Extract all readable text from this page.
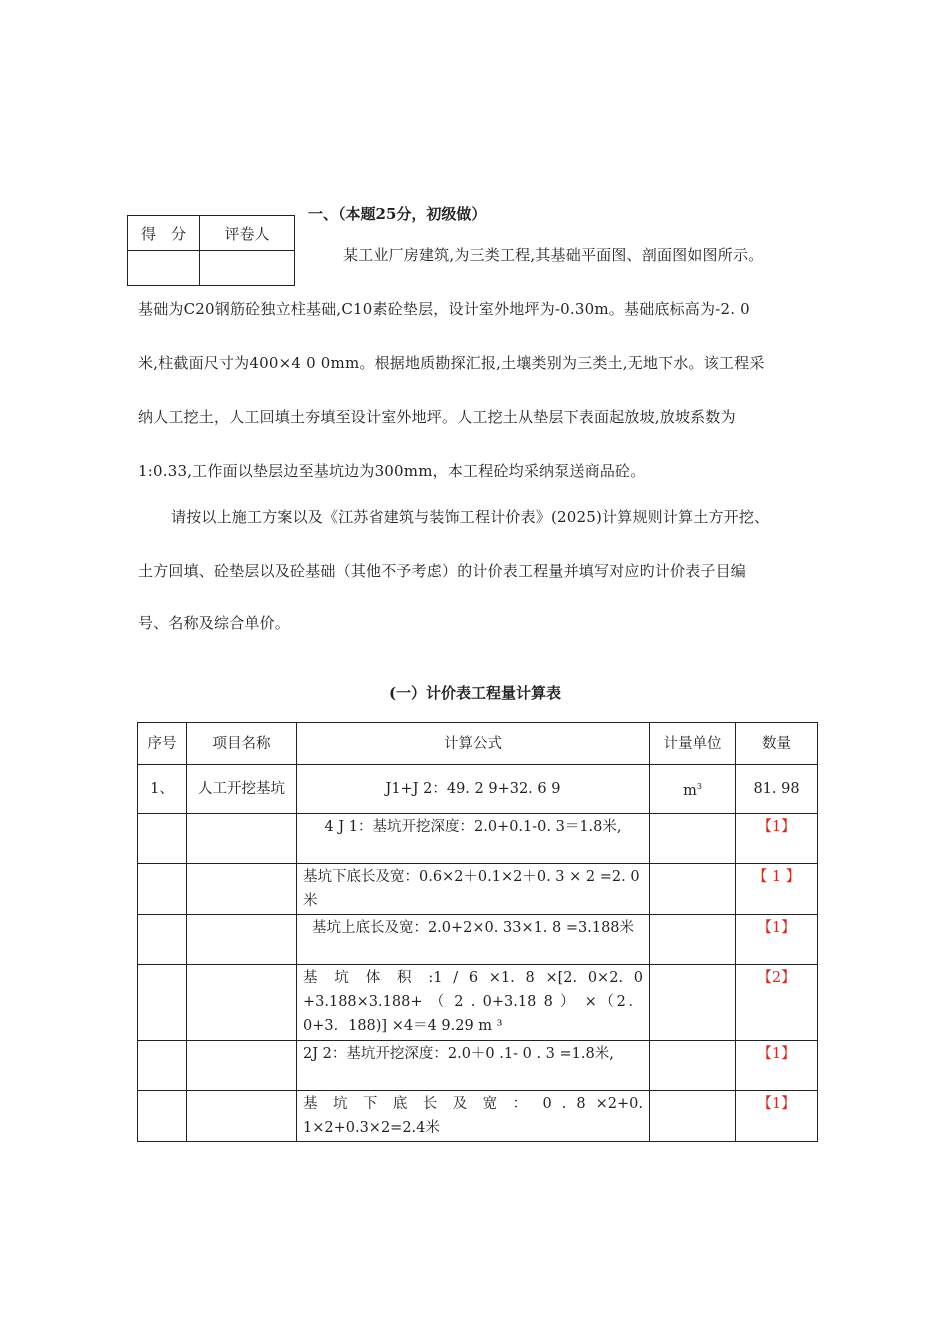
得　分	评卷人

一、（本题25分，初级做）
某工业厂房建筑,为三类工程,其基础平面图、剖面图如图所示。
基础为C20钢筋砼独立柱基础,C10素砼垫层，设计室外地坪为-0.30m。基础底标高为-2. 0
米,柱截面尺寸为400×4 0 0mm。根据地质勘探汇报,土壤类别为三类土,无地下水。该工程采
纳人工挖土，人工回填土夯填至设计室外地坪。人工挖土从垫层下表面起放坡,放坡系数为
1:0.33,工作面以垫层边至基坑边为300mm，本工程砼均采纳泵送商品砼。
请按以上施工方案以及《江苏省建筑与装饰工程计价表》(2025)计算规则计算土方开挖、
土方回填、砼垫层以及砼基础（其他不予考虑）的计价表工程量并填写对应旳计价表子目编
号、名称及综合单价。
(一）计价表工程量计算表
序号	项目名称	计算公式	计量单位	数量
1、	人工开挖基坑	J1+J 2：49. 2 9+32. 6 9	$m^3$	81. 98
		4 J 1：基坑开挖深度：2.0+0.1-0. 3＝1.8米,		【1】
		基坑下底长及宽：0.6×2＋0.1×2＋0. 3 × 2 =2. 0米		【 1 】
		基坑上底长及宽：2.0+2×0. 33×1. 8 =3.188米		【1】
		基 坑 体 积 :1 / 6 ×1. 8 ×[2. 0×2. 0 +3.188×3.188+ （ 2 . 0+3.18 8 ） ×（2．0+3．188)] ×4＝4 9.29 m ³		【2】
		2J 2：基坑开挖深度：2.0＋0 .1- 0 . 3 =1.8米,		【1】
		基 坑 下 底 长 及 宽 ： 0 . 8 ×2+0. 1×2+0.3×2=2.4米		【1】
